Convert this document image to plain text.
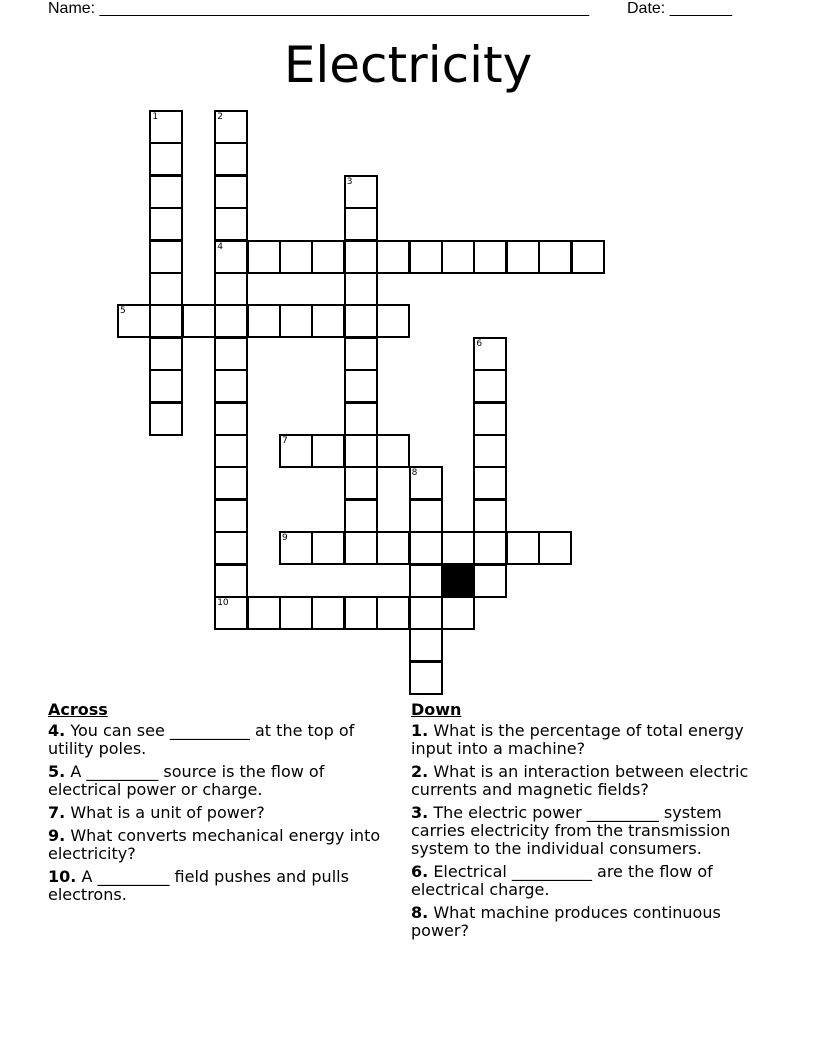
Name: _______________________________________________________ Date: _______
Electricity
1	2
4
10
3
5
6
7
8
9
Across
4. You can see __________ at the top of utility poles.
5. A _________ source is the flow of electrical power or charge.
7. What is a unit of power?
9. What converts mechanical energy into electricity?
10. A _________ field pushes and pulls electrons.
Down
1. What is the percentage of total energy input into a machine?
2. What is an interaction between electric currents and magnetic fields?
3. The electric power _________ system carries electricity from the transmission system to the individual consumers.
6. Electrical __________ are the flow of electrical charge.
8. What machine produces continuous power?
